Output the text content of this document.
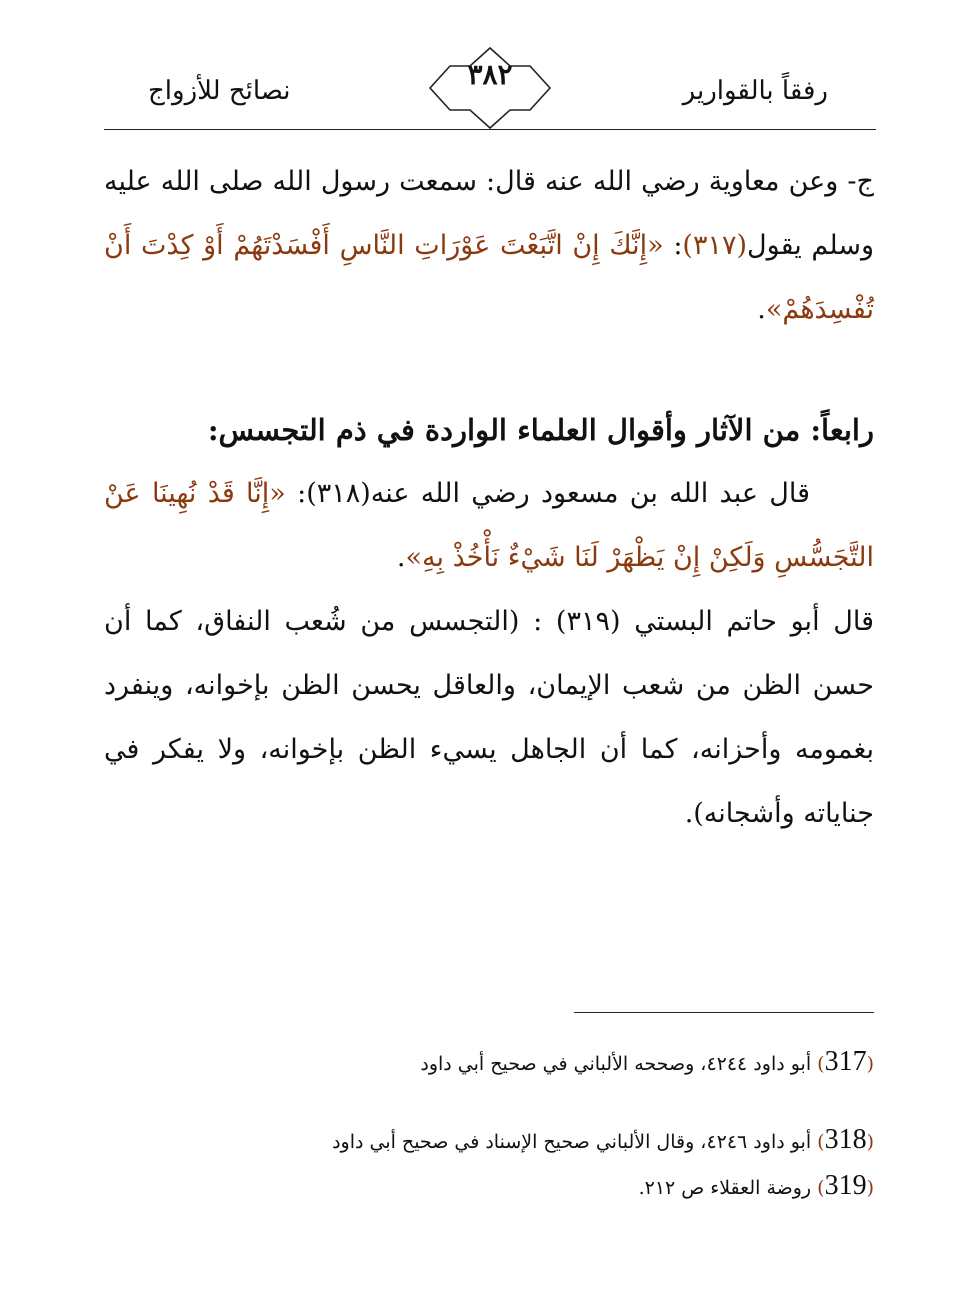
رفقاً بالقوارير
٣٨٢
نصائح للأزواج

ج- وعن معاوية رضي الله عنه قال: سمعت رسول الله صلى الله عليه وسلم يقول(٣١٧): «إِنَّكَ إِنْ اتَّبَعْتَ عَوْرَاتِ النَّاسِ أَفْسَدْتَهُمْ أَوْ كِدْتَ أَنْ تُفْسِدَهُمْ».

رابعاً: من الآثار وأقوال العلماء الواردة في ذم التجسس:

قال عبد الله بن مسعود رضي الله عنه(٣١٨): «إِنَّا قَدْ نُهِينَا عَنْ التَّجَسُّسِ وَلَكِنْ إِنْ يَظْهَرْ لَنَا شَيْءٌ نَأْخُذْ بِهِ».

قال أبو حاتم البستي (٣١٩) : (التجسس من شُعب النفاق، كما أن حسن الظن من شعب الإيمان، والعاقل يحسن الظن بإخوانه، وينفرد بغمومه وأحزانه، كما أن الجاهل يسيء الظن بإخوانه، ولا يفكر في جناياته وأشجانه).

(317) أبو داود ٤٢٤٤، وصححه الألباني في صحيح أبي داود
(318) أبو داود ٤٢٤٦، وقال الألباني صحيح الإسناد في صحيح أبي داود
(319) روضة العقلاء ص ٢١٢.
